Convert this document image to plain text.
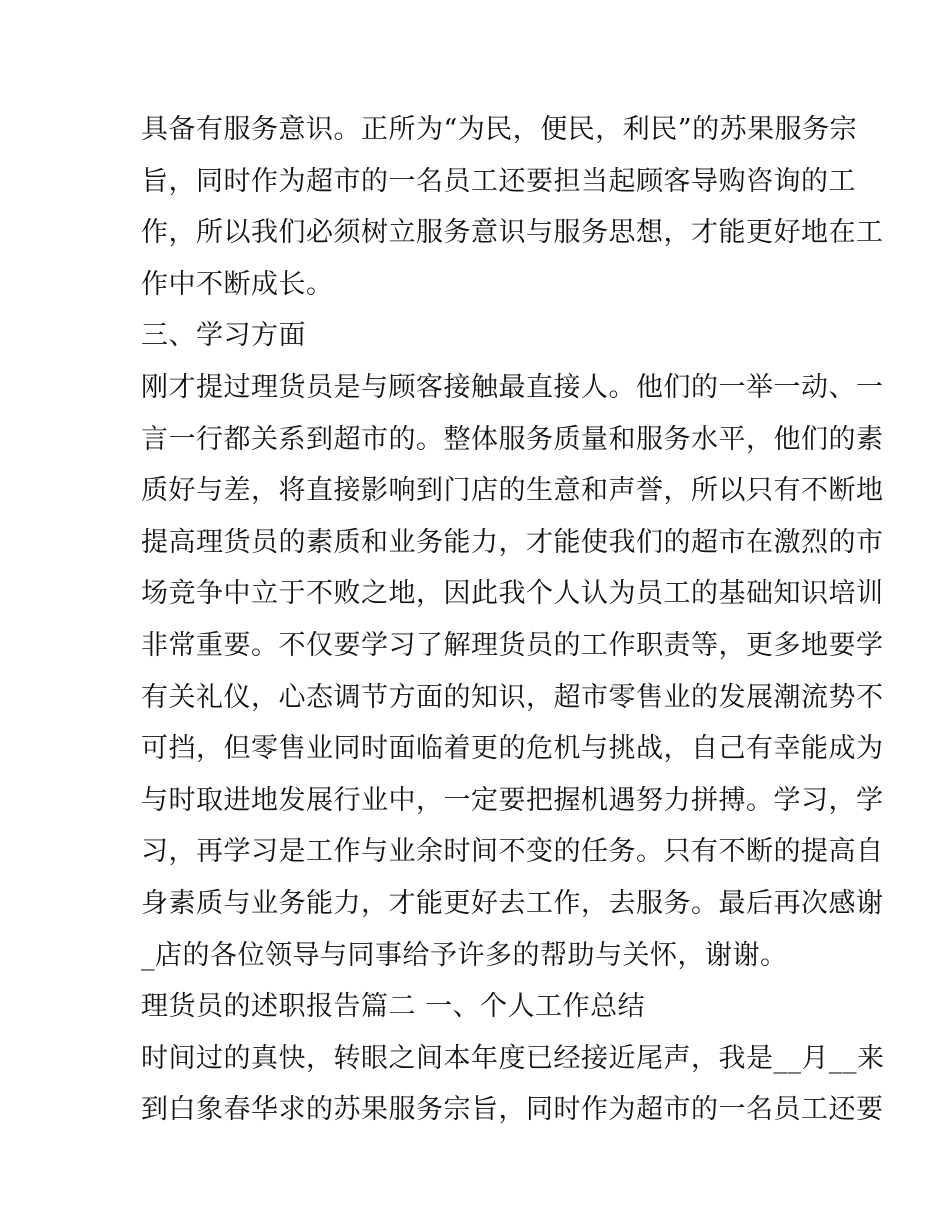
具备有服务意识。正所为“为民，便民，利民”的苏果服务宗
旨，同时作为超市的一名员工还要担当起顾客导购咨询的工
作，所以我们必须树立服务意识与服务思想，才能更好地在工
作中不断成长。
三、学习方面
刚才提过理货员是与顾客接触最直接人。他们的一举一动、一
言一行都关系到超市的。整体服务质量和服务水平，他们的素
质好与差，将直接影响到门店的生意和声誉，所以只有不断地
提高理货员的素质和业务能力，才能使我们的超市在激烈的市
场竞争中立于不败之地，因此我个人认为员工的基础知识培训
非常重要。不仅要学习了解理货员的工作职责等，更多地要学
有关礼仪，心态调节方面的知识，超市零售业的发展潮流势不
可挡，但零售业同时面临着更的危机与挑战，自己有幸能成为
与时取进地发展行业中，一定要把握机遇努力拼搏。学习，学
习，再学习是工作与业余时间不变的任务。只有不断的提高自
身素质与业务能力，才能更好去工作，去服务。最后再次感谢
_店的各位领导与同事给予许多的帮助与关怀，谢谢。
理货员的述职报告篇二 一、个人工作总结
时间过的真快，转眼之间本年度已经接近尾声，我是__月__来
到白象春华求的苏果服务宗旨，同时作为超市的一名员工还要
